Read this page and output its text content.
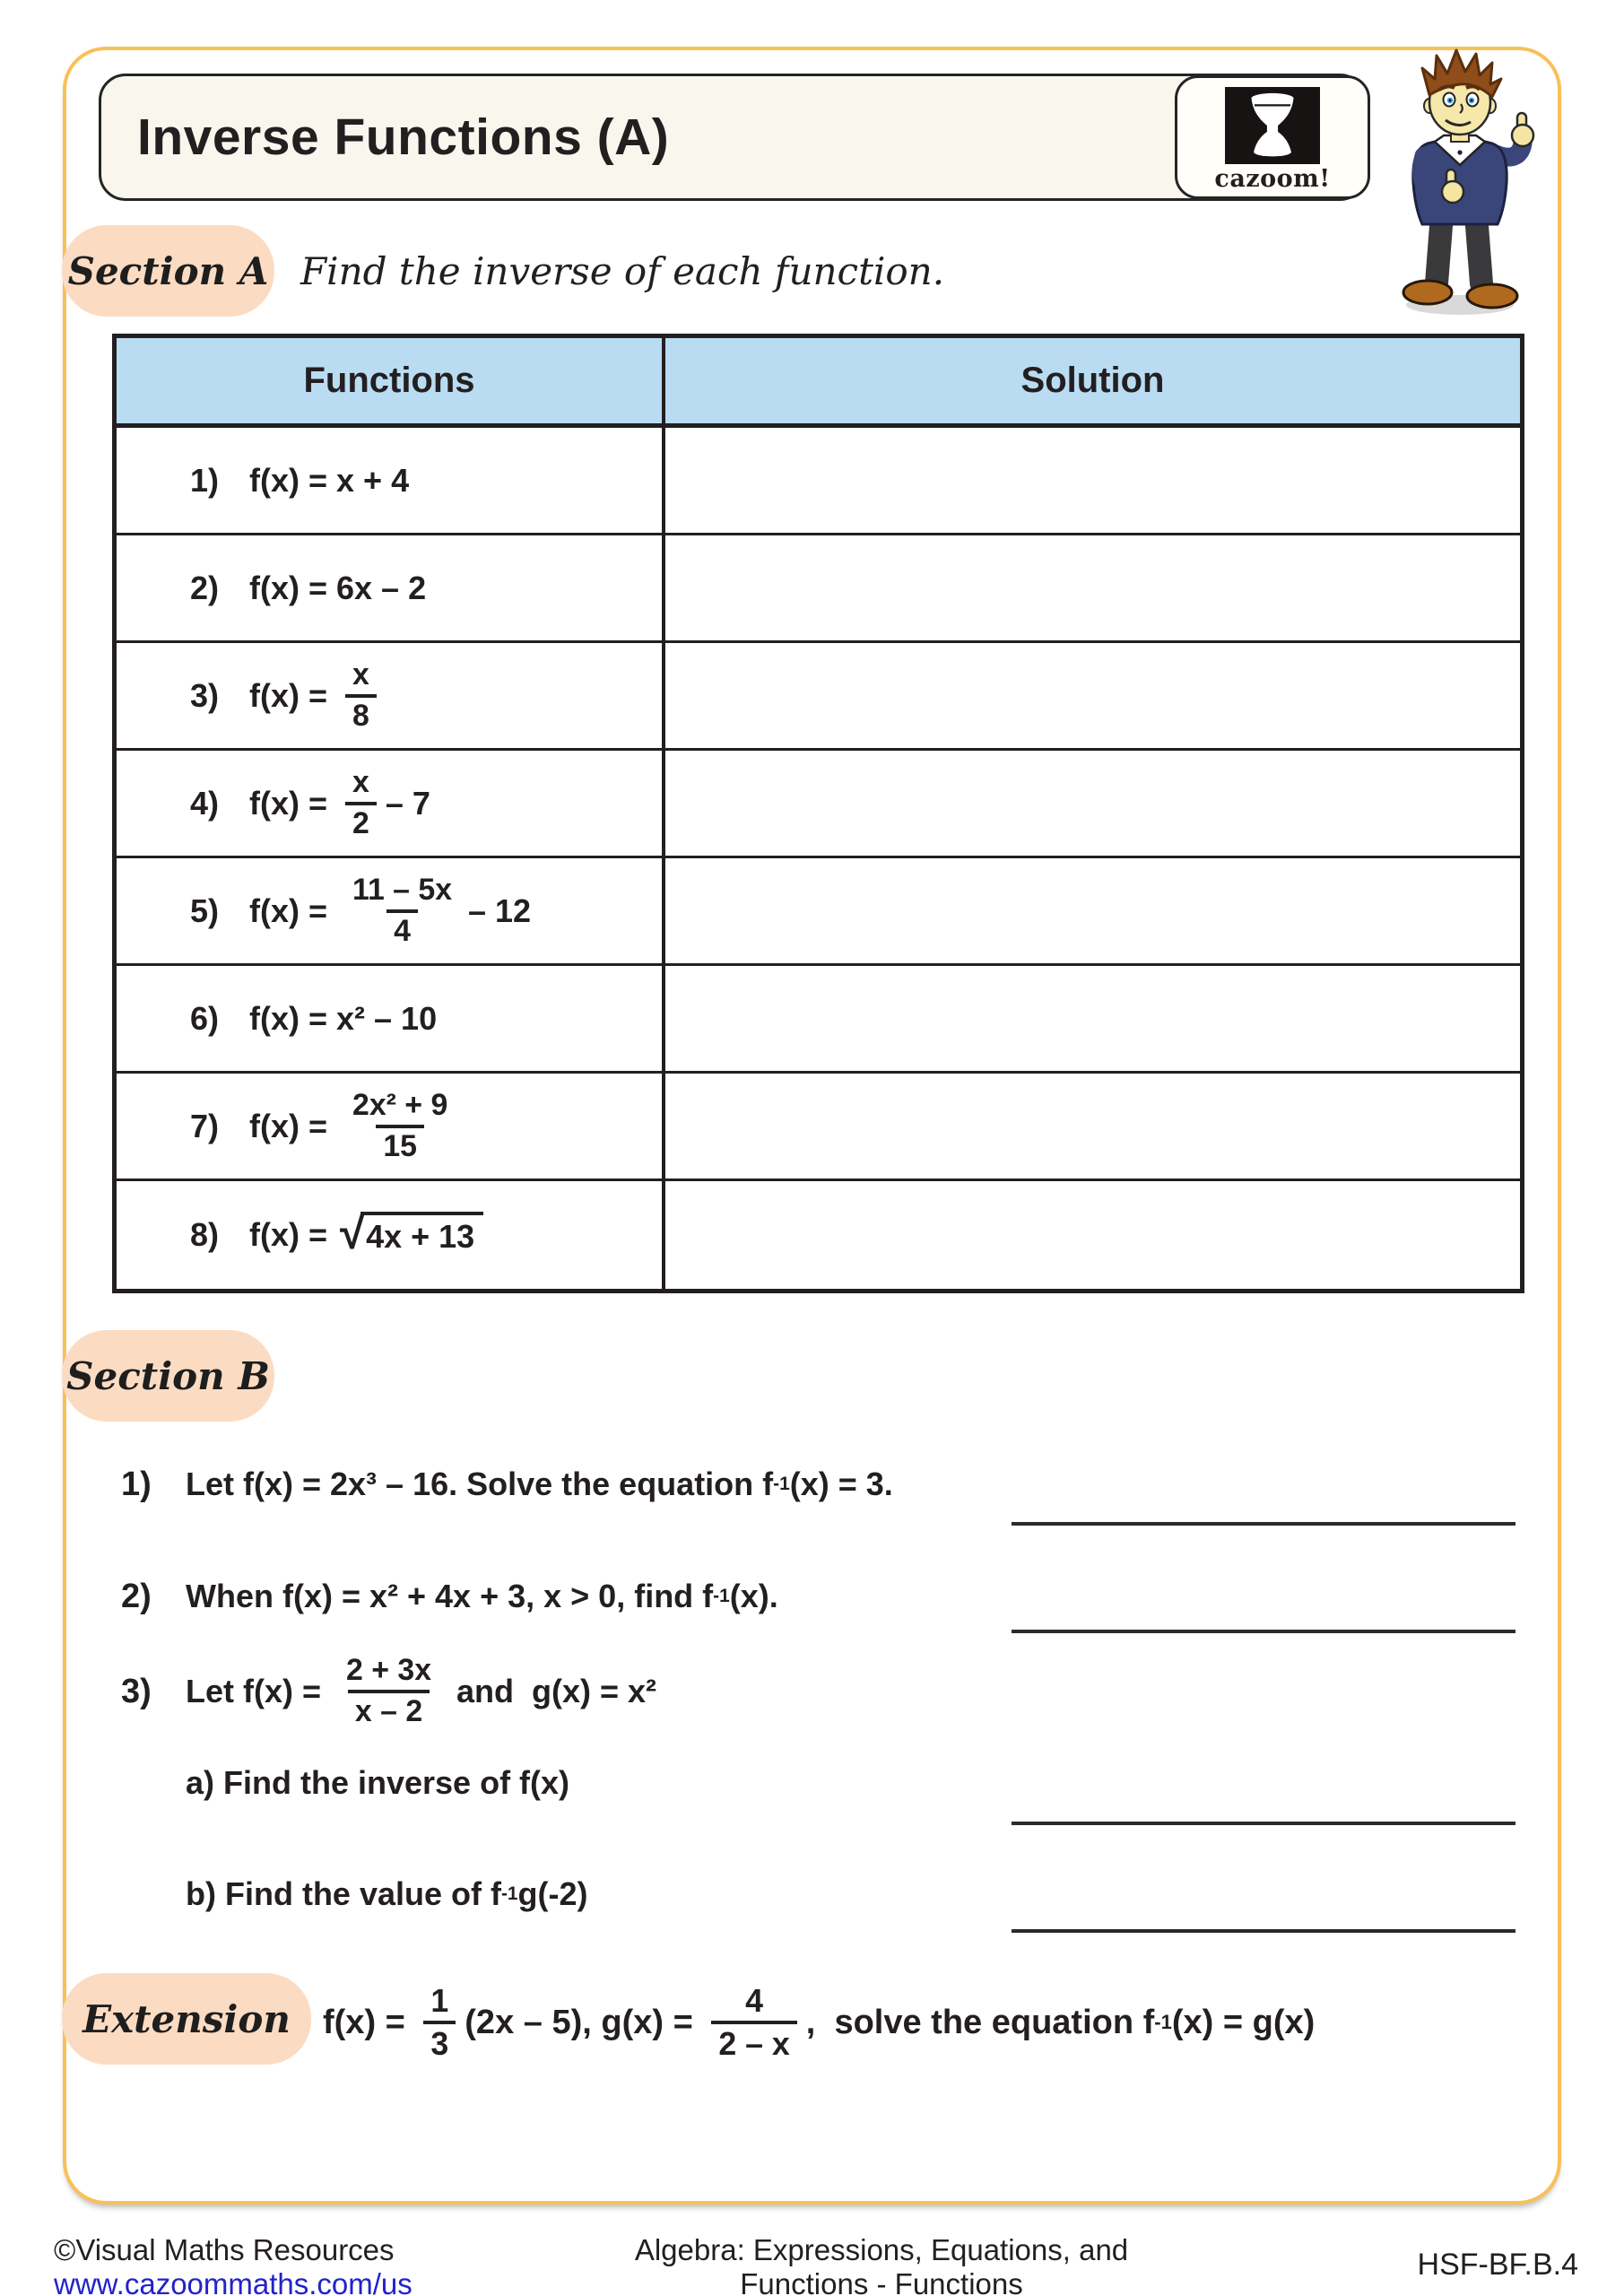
Inverse Functions (A)
cazoom!
Section A Find the inverse of each function.
Functions	Solution
1) f(x) = x + 4
2) f(x) = 6x – 2
3) $f(x) = \frac{x}{8}$
4) $f(x) = \frac{x}{2} - 7$
5) $f(x) = \frac{11 - 5x}{4} - 12$
6) f(x) = x² – 10
7) $f(x) = \frac{\text{2x² + 9}}{15}$
8) f(x) = √ 4x + 13
Section B
1)	Let f(x) = 2x³ – 16. Solve the equation f -1 (x) = 3.
2)	When f(x) = x² + 4x + 3, x > 0, find f -1 (x).
3)	Let $f(x) = \frac{2 + 3x}{x - 2}$ and  g(x) = x²
a) Find the inverse of f(x)
b) Find the value of f -1 g(-2)
Extension $f(x) = \frac{1}{3} (2x - 5)$, $g(x) = \frac{4}{2 - x}$ ,  solve the equation f -1 (x) = g(x)
©Visual Maths Resources
www.cazoommaths.com/us
Algebra: Expressions, Equations, and
Functions - Functions
HSF-BF.B.4
